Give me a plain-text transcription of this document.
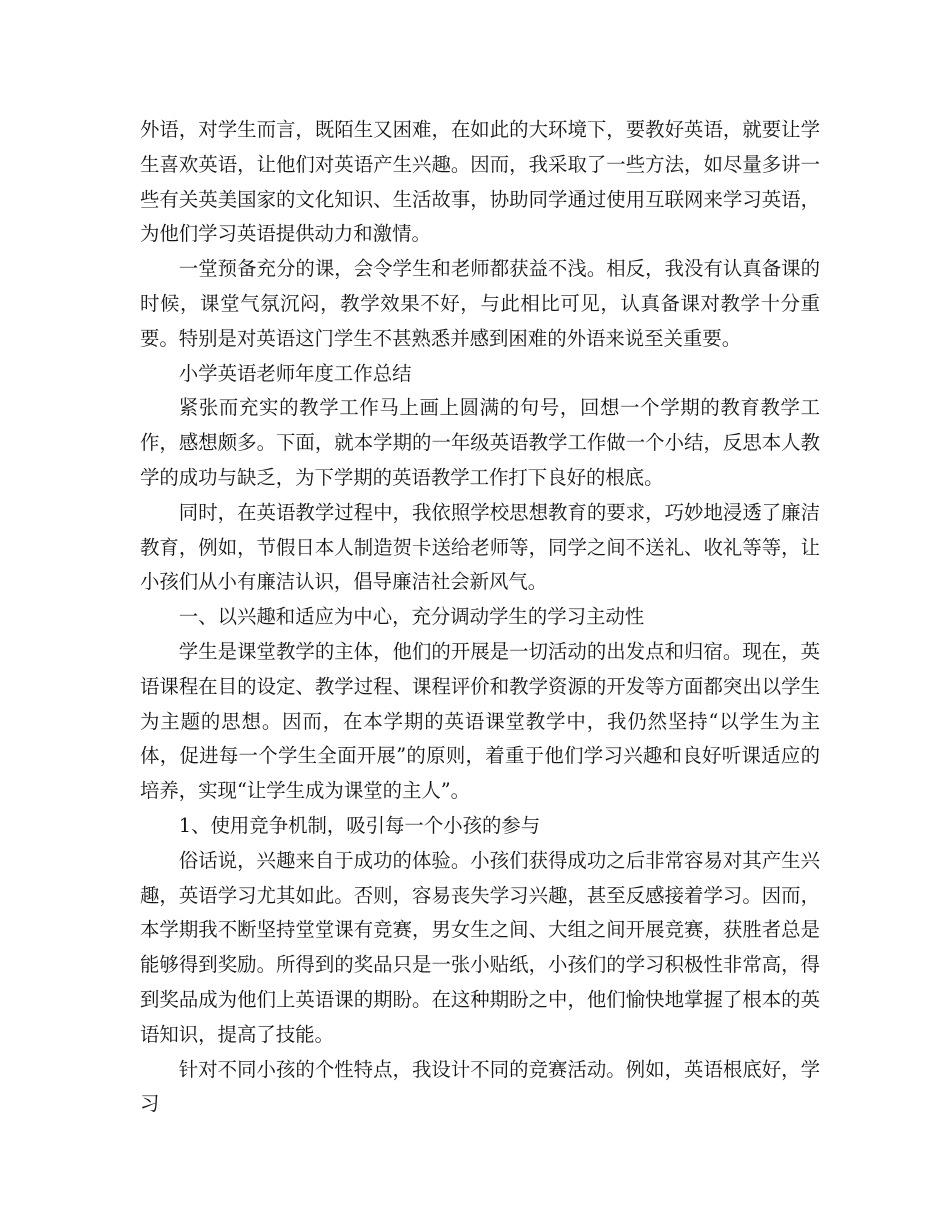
外语，对学生而言，既陌生又困难，在如此的大环境下，要教好英语，就要让学生喜欢英语，让他们对英语产生兴趣。因而，我采取了一些方法，如尽量多讲一些有关英美国家的文化知识、生活故事，协助同学通过使用互联网来学习英语，为他们学习英语提供动力和激情。

一堂预备充分的课，会令学生和老师都获益不浅。相反，我没有认真备课的时候，课堂气氛沉闷，教学效果不好，与此相比可见，认真备课对教学十分重要。特别是对英语这门学生不甚熟悉并感到困难的外语来说至关重要。

小学英语老师年度工作总结

紧张而充实的教学工作马上画上圆满的句号，回想一个学期的教育教学工作，感想颇多。下面，就本学期的一年级英语教学工作做一个小结，反思本人教学的成功与缺乏，为下学期的英语教学工作打下良好的根底。

同时，在英语教学过程中，我依照学校思想教育的要求，巧妙地浸透了廉洁教育，例如，节假日本人制造贺卡送给老师等，同学之间不送礼、收礼等等，让小孩们从小有廉洁认识，倡导廉洁社会新风气。

一、以兴趣和适应为中心，充分调动学生的学习主动性

学生是课堂教学的主体，他们的开展是一切活动的出发点和归宿。现在，英语课程在目的设定、教学过程、课程评价和教学资源的开发等方面都突出以学生为主题的思想。因而，在本学期的英语课堂教学中，我仍然坚持“以学生为主体，促进每一个学生全面开展”的原则，着重于他们学习兴趣和良好听课适应的培养，实现“让学生成为课堂的主人”。

1、使用竞争机制，吸引每一个小孩的参与

俗话说，兴趣来自于成功的体验。小孩们获得成功之后非常容易对其产生兴趣，英语学习尤其如此。否则，容易丧失学习兴趣，甚至反感接着学习。因而，本学期我不断坚持堂堂课有竞赛，男女生之间、大组之间开展竞赛，获胜者总是能够得到奖励。所得到的奖品只是一张小贴纸，小孩们的学习积极性非常高，得到奖品成为他们上英语课的期盼。在这种期盼之中，他们愉快地掌握了根本的英语知识，提高了技能。

针对不同小孩的个性特点，我设计不同的竞赛活动。例如，英语根底好，学习
